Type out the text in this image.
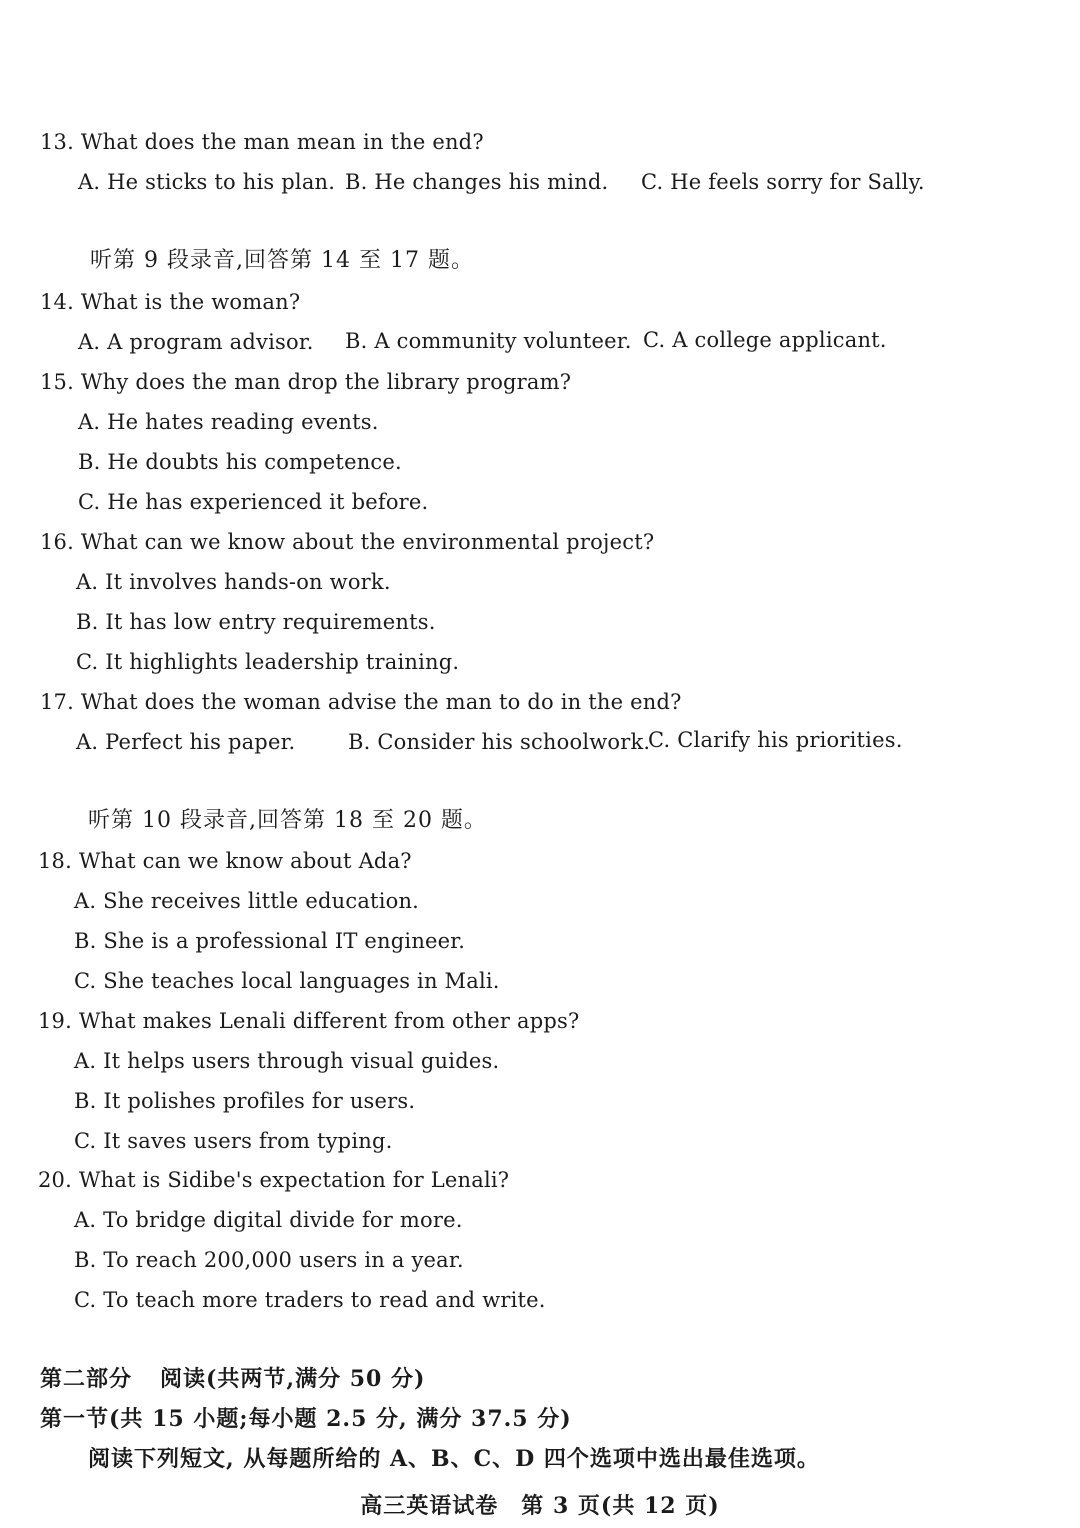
13. What does the man mean in the end?
A. He sticks to his plan. B. He changes his mind. C. He feels sorry for Sally.
听第 9 段录音,回答第 14 至 17 题。
14. What is the woman?
A. A program advisor. B. A community volunteer. C. A college applicant.
15. Why does the man drop the library program?
A. He hates reading events.
B. He doubts his competence.
C. He has experienced it before.
16. What can we know about the environmental project?
A. It involves hands-on work.
B. It has low entry requirements.
C. It highlights leadership training.
17. What does the woman advise the man to do in the end?
A. Perfect his paper.	B. Consider his schoolwork.
C. Clarify his priorities.
听第 10 段录音,回答第 18 至 20 题。
18. What can we know about Ada?
A. She receives little education.
B. She is a professional IT engineer.
C. She teaches local languages in Mali.
19. What makes Lenali different from other apps?
A. It helps users through visual guides.
B. It polishes profiles for users.
C. It saves users from typing.
20. What is Sidibe's expectation for Lenali?
A. To bridge digital divide for more.
B. To reach 200,000 users in a year.
C. To teach more traders to read and write.
第二部分 阅读(共两节,满分 50 分)
第一节(共 15 小题;每小题 2.5 分, 满分 37.5 分)
阅读下列短文, 从每题所给的 A、B、C、D 四个选项中选出最佳选项。
高三英语试卷　第 3 页(共 12 页)
